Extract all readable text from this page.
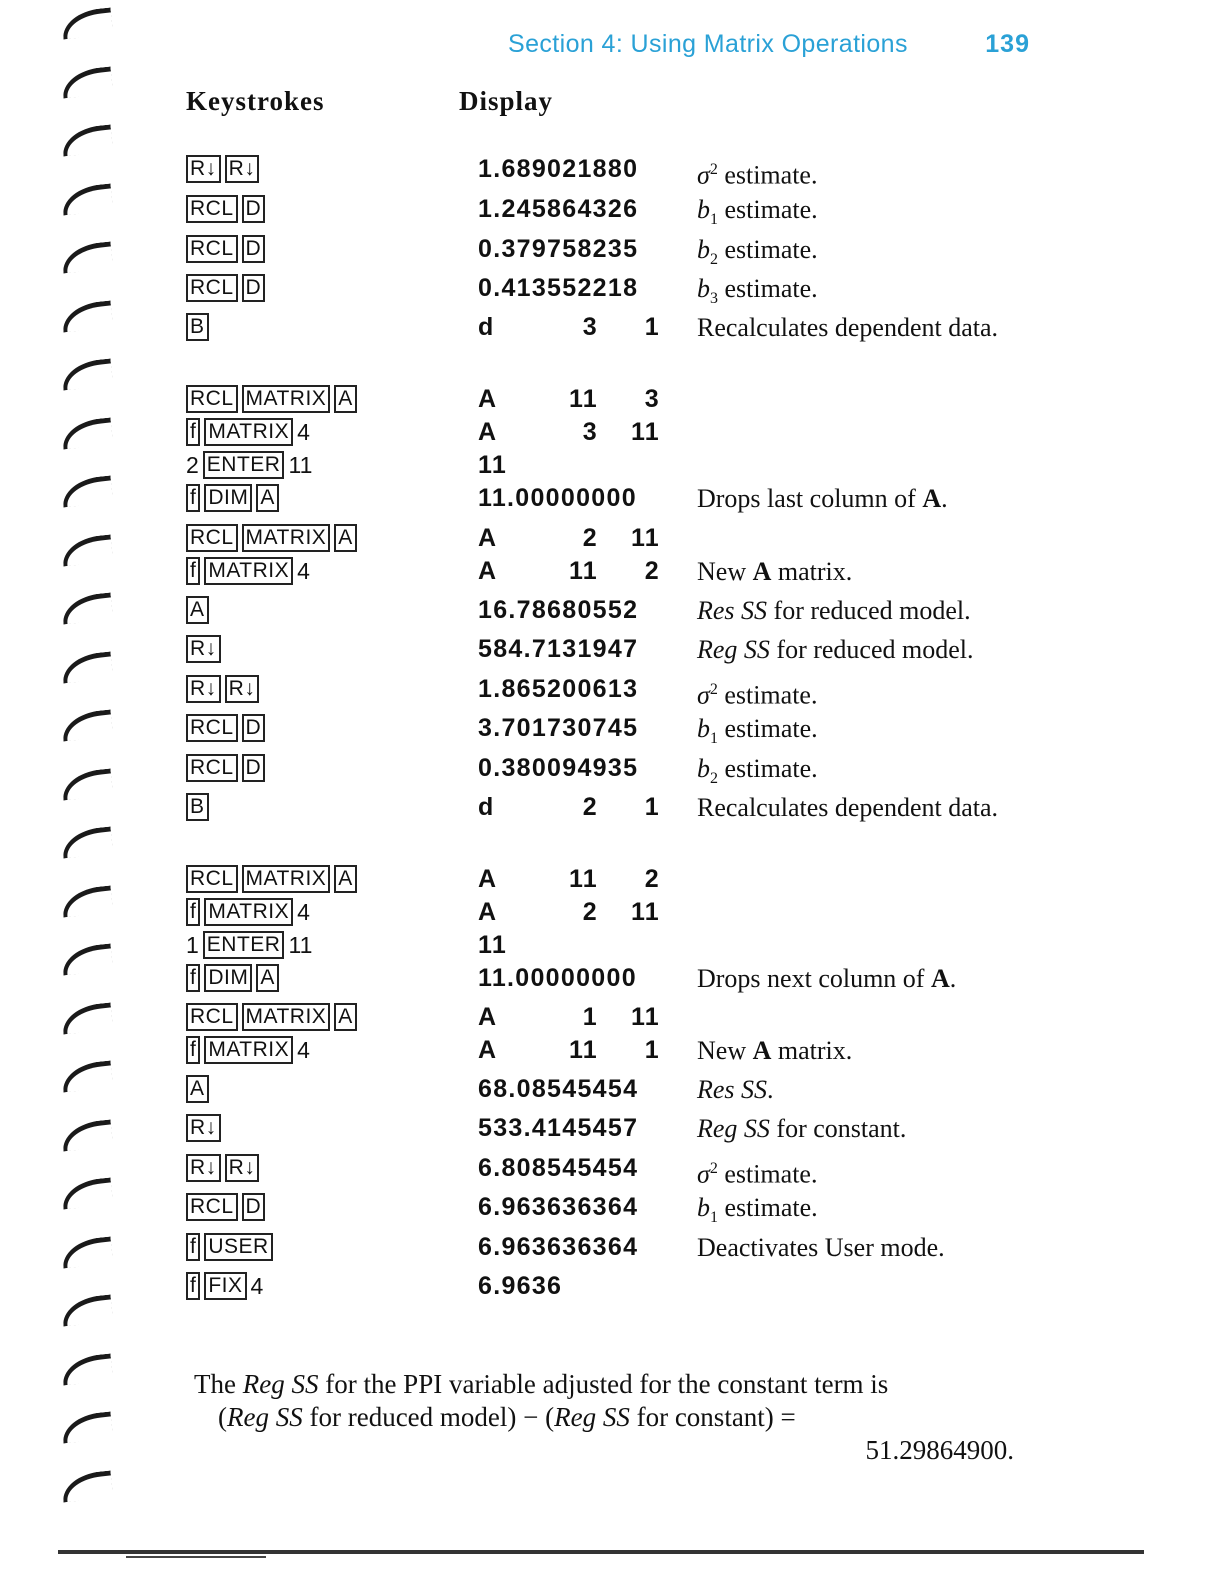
Section 4: Using Matrix Operations	139
Keystrokes	Display
R↓ R↓	1.689021880 $\sigma^2$ estimate.
RCL D	1.245864326 $b_1$ estimate.
RCL D	0.379758235 $b_2$ estimate.
RCL D	0.413552218 $b_3$ estimate.
B	d	3 1 Recalculates dependent data.
RCL MATRIX A	A	11 3
f MATRIX 4	A	3 11
2 ENTER 11	11
f DIM A	11.00000000 Drops last column of A.
RCL MATRIX A	A	2 11
f MATRIX 4	A	11 2 New A matrix.
A	16.78680552 Res SS for reduced model.
R↓	584.7131947 Reg SS for reduced model.
R↓ R↓	1.865200613 $\sigma^2$ estimate.
RCL D	3.701730745 $b_1$ estimate.
RCL D	0.380094935 $b_2$ estimate.
B	d	2 1 Recalculates dependent data.
RCL MATRIX A	A	11 2
f MATRIX 4	A	2 11
1 ENTER 11	11
f DIM A	11.00000000 Drops next column of A.
RCL MATRIX A	A	1 11
f MATRIX 4	A	11 1 New A matrix.
A	68.08545454 Res SS.
R↓	533.4145457 Reg SS for constant.
R↓ R↓	6.808545454 $\sigma^2$ estimate.
RCL D	6.963636364 $b_1$ estimate.
f USER	6.963636364 Deactivates User mode.
f FIX 4	6.9636
The Reg SS for the PPI variable adjusted for the constant term is
(Reg SS for reduced model) − (Reg SS for constant) =
51.29864900.
